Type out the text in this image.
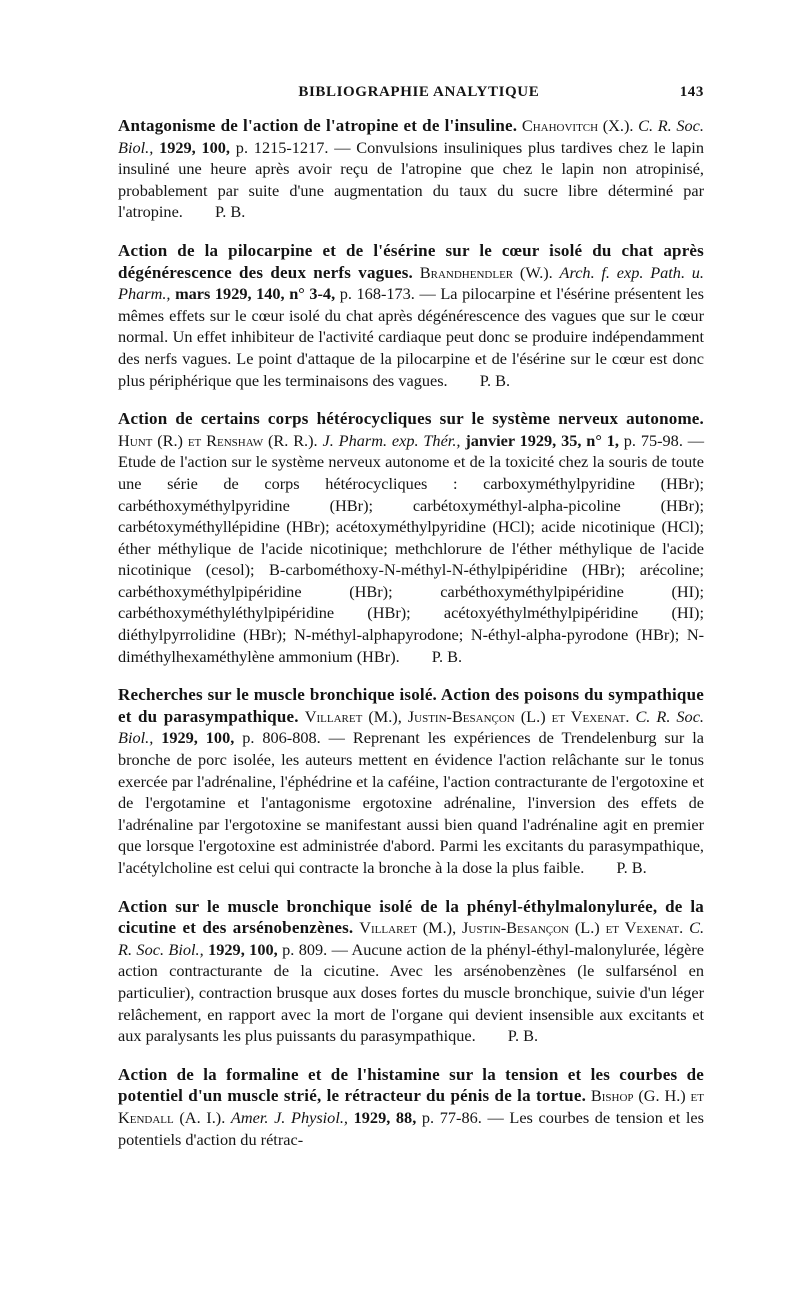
BIBLIOGRAPHIE ANALYTIQUE	143

Antagonisme de l'action de l'atropine et de l'insuline. Chahovitch (X.). C. R. Soc. Biol., 1929, 100, p. 1215-1217. — Convulsions insuliniques plus tardives chez le lapin insuliné une heure après avoir reçu de l'atropine que chez le lapin non atropinisé, probablement par suite d'une augmentation du taux du sucre libre déterminé par l'atropine. P. B.

Action de la pilocarpine et de l'ésérine sur le cœur isolé du chat après dégénérescence des deux nerfs vagues. Brandhendler (W.). Arch. f. exp. Path. u. Pharm., mars 1929, 140, n° 3-4, p. 168-173. — La pilocarpine et l'ésérine présentent les mêmes effets sur le cœur isolé du chat après dégénérescence des vagues que sur le cœur normal. Un effet inhibiteur de l'activité cardiaque peut donc se produire indépendamment des nerfs vagues. Le point d'attaque de la pilocarpine et de l'ésérine sur le cœur est donc plus périphérique que les terminaisons des vagues. P. B.

Action de certains corps hétérocycliques sur le système nerveux autonome. Hunt (R.) et Renshaw (R. R.). J. Pharm. exp. Thér., janvier 1929, 35, n° 1, p. 75-98. — Etude de l'action sur le système nerveux autonome et de la toxicité chez la souris de toute une série de corps hétérocycliques : carboxyméthylpyridine (HBr); carbéthoxyméthylpyridine (HBr); carbétoxyméthyl-alpha-picoline (HBr); carbétoxyméthyllépidine (HBr); acétoxyméthylpyridine (HCl); acide nicotinique (HCl); éther méthylique de l'acide nicotinique; methchlorure de l'éther méthylique de l'acide nicotinique (cesol); B-carbométhoxy-N-méthyl-N-éthylpipéridine (HBr); arécoline; carbéthoxyméthylpipéridine (HBr); carbéthoxyméthylpipéridine (HI); carbéthoxyméthyléthylpipéridine (HBr); acétoxyéthylméthylpipéridine (HI); diéthylpyrrolidine (HBr); N-méthyl-alphapyrodone; N-éthyl-alpha-pyrodone (HBr); N-diméthylhexaméthylène ammonium (HBr). P. B.

Recherches sur le muscle bronchique isolé. Action des poisons du sympathique et du parasympathique. Villaret (M.), Justin-Besançon (L.) et Vexenat. C. R. Soc. Biol., 1929, 100, p. 806-808. — Reprenant les expériences de Trendelenburg sur la bronche de porc isolée, les auteurs mettent en évidence l'action relâchante sur le tonus exercée par l'adrénaline, l'éphédrine et la caféine, l'action contracturante de l'ergotoxine et de l'ergotamine et l'antagonisme ergotoxine adrénaline, l'inversion des effets de l'adrénaline par l'ergotoxine se manifestant aussi bien quand l'adrénaline agit en premier que lorsque l'ergotoxine est administrée d'abord. Parmi les excitants du parasympathique, l'acétylcholine est celui qui contracte la bronche à la dose la plus faible. P. B.

Action sur le muscle bronchique isolé de la phényl-éthylmalonylurée, de la cicutine et des arsénobenzènes. Villaret (M.), Justin-Besançon (L.) et Vexenat. C. R. Soc. Biol., 1929, 100, p. 809. — Aucune action de la phényl-éthyl-malonylurée, légère action contracturante de la cicutine. Avec les arsénobenzènes (le sulfarsénol en particulier), contraction brusque aux doses fortes du muscle bronchique, suivie d'un léger relâchement, en rapport avec la mort de l'organe qui devient insensible aux excitants et aux paralysants les plus puissants du parasympathique. P. B.

Action de la formaline et de l'histamine sur la tension et les courbes de potentiel d'un muscle strié, le rétracteur du pénis de la tortue. Bishop (G. H.) et Kendall (A. I.). Amer. J. Physiol., 1929, 88, p. 77-86. — Les courbes de tension et les potentiels d'action du rétrac-
